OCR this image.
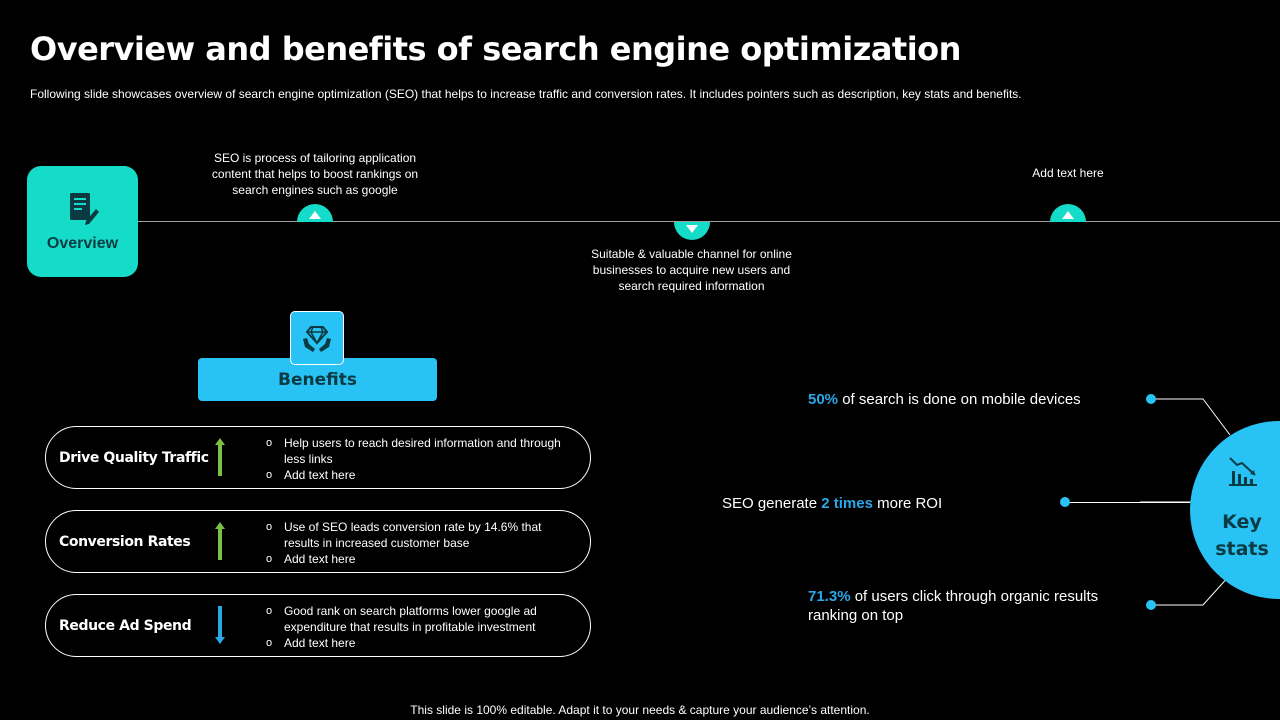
Overview and benefits of search engine optimization
Following slide showcases overview of search engine optimization (SEO) that helps to increase traffic and conversion rates. It includes pointers such as description, key stats and benefits.
Overview
SEO is process of tailoring application content that helps to boost rankings on search engines such as google
Suitable & valuable channel for online businesses to acquire new users and search required information
Add text here
Benefits
Drive Quality Traffic
o Help users to reach desired information and through less links
o Add text here
Conversion Rates
o Use of SEO leads conversion rate by 14.6% that results in increased customer base
o Add text here
Reduce Ad Spend
o Good rank on search platforms lower google ad expenditure that results in profitable investment
o Add text here
50% of search is done on mobile devices
SEO generate 2 times more ROI
71.3% of users click through organic results ranking on top
Key
stats
This slide is 100% editable. Adapt it to your needs & capture your audience’s attention.
